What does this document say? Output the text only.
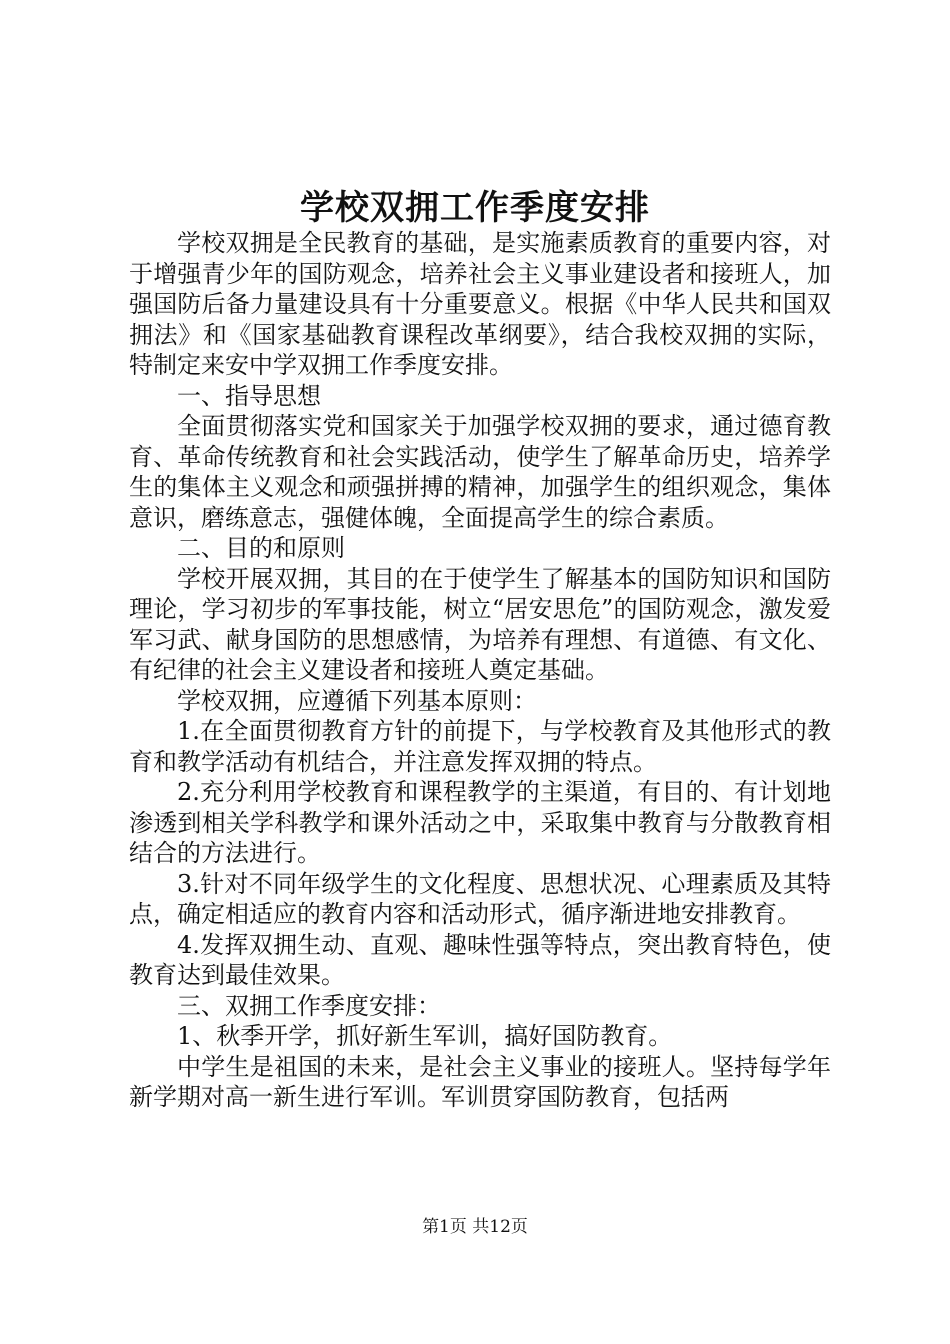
学校双拥工作季度安排

学校双拥是全民教育的基础，是实施素质教育的重要内容，对于增强青少年的国防观念，培养社会主义事业建设者和接班人，加强国防后备力量建设具有十分重要意义。根据《中华人民共和国双拥法》和《国家基础教育课程改革纲要》，结合我校双拥的实际，特制定来安中学双拥工作季度安排。

一、指导思想

全面贯彻落实党和国家关于加强学校双拥的要求，通过德育教育、革命传统教育和社会实践活动，使学生了解革命历史，培养学生的集体主义观念和顽强拼搏的精神，加强学生的组织观念，集体意识，磨练意志，强健体魄，全面提高学生的综合素质。

二、目的和原则

学校开展双拥，其目的在于使学生了解基本的国防知识和国防理论，学习初步的军事技能，树立“居安思危”的国防观念，激发爱军习武、献身国防的思想感情，为培养有理想、有道德、有文化、有纪律的社会主义建设者和接班人奠定基础。

学校双拥，应遵循下列基本原则：

1.在全面贯彻教育方针的前提下，与学校教育及其他形式的教育和教学活动有机结合，并注意发挥双拥的特点。

2.充分利用学校教育和课程教学的主渠道，有目的、有计划地渗透到相关学科教学和课外活动之中，采取集中教育与分散教育相结合的方法进行。

3.针对不同年级学生的文化程度、思想状况、心理素质及其特点，确定相适应的教育内容和活动形式，循序渐进地安排教育。

4.发挥双拥生动、直观、趣味性强等特点，突出教育特色，使教育达到最佳效果。

三、双拥工作季度安排：

1、秋季开学，抓好新生军训，搞好国防教育。

中学生是祖国的未来，是社会主义事业的接班人。坚持每学年新学期对高一新生进行军训。军训贯穿国防教育，包括两

第1页 共12页
